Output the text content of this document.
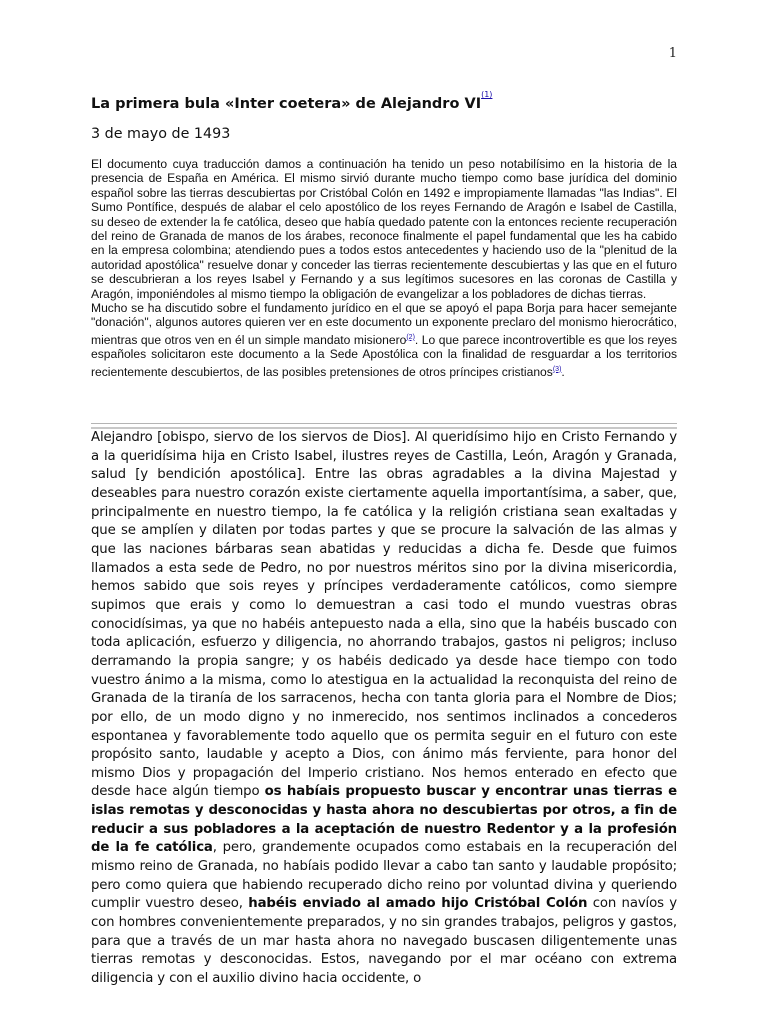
1
La primera bula «Inter coetera» de Alejandro VI$^{^{(1)}}$
3 de mayo de 1493

El documento cuya traducción damos a continuación ha tenido un peso notabilísimo en la historia de la presencia de España en América. El mismo sirvió durante mucho tiempo como base jurídica del dominio español sobre las tierras descubiertas por Cristóbal Colón en 1492 e impropiamente llamadas "las Indias". El Sumo Pontífice, después de alabar el celo apostólico de los reyes Fernando de Aragón e Isabel de Castilla, su deseo de extender la fe católica, deseo que había quedado patente con la entonces reciente recuperación del reino de Granada de manos de los árabes, reconoce finalmente el papel fundamental que les ha cabido en la empresa colombina; atendiendo pues a todos estos antecedentes y haciendo uso de la "plenitud de la autoridad apostólica" resuelve donar y conceder las tierras recientemente descubiertas y las que en el futuro se descubrieran a los reyes Isabel y Fernando y a sus legítimos sucesores en las coronas de Castilla y Aragón, imponiéndoles al mismo tiempo la obligación de evangelizar a los pobladores de dichas tierras.

Mucho se ha discutido sobre el fundamento jurídico en el que se apoyó el papa Borja para hacer semejante "donación", algunos autores quieren ver en este documento un exponente preclaro del monismo hierocrático, mientras que otros ven en él un simple mandato misionero$^{(2)}$. Lo que parece incontrovertible es que los reyes españoles solicitaron este documento a la Sede Apostólica con la finalidad de resguardar a los territorios recientemente descubiertos, de las posibles pretensiones de otros príncipes cristianos$^{(3)}$.

Alejandro [obispo, siervo de los siervos de Dios]. Al queridísimo hijo en Cristo Fernando y a la queridísima hija en Cristo Isabel, ilustres reyes de Castilla, León, Aragón y Granada, salud [y bendición apostólica]. Entre las obras agradables a la divina Majestad y deseables para nuestro corazón existe ciertamente aquella importantísima, a saber, que, principalmente en nuestro tiempo, la fe católica y la religión cristiana sean exaltadas y que se amplíen y dilaten por todas partes y que se procure la salvación de las almas y que las naciones bárbaras sean abatidas y reducidas a dicha fe. Desde que fuimos llamados a esta sede de Pedro, no por nuestros méritos sino por la divina misericordia, hemos sabido que sois reyes y príncipes verdaderamente católicos, como siempre supimos que erais y como lo demuestran a casi todo el mundo vuestras obras conocidísimas, ya que no habéis antepuesto nada a ella, sino que la habéis buscado con toda aplicación, esfuerzo y diligencia, no ahorrando trabajos, gastos ni peligros; incluso derramando la propia sangre; y os habéis dedicado ya desde hace tiempo con todo vuestro ánimo a la misma, como lo atestigua en la actualidad la reconquista del reino de Granada de la tiranía de los sarracenos, hecha con tanta gloria para el Nombre de Dios; por ello, de un modo digno y no inmerecido, nos sentimos inclinados a concederos espontanea y favorablemente todo aquello que os permita seguir en el futuro con este propósito santo, laudable y acepto a Dios, con ánimo más ferviente, para honor del mismo Dios y propagación del Imperio cristiano. Nos hemos enterado en efecto que desde hace algún tiempo os habíais propuesto buscar y encontrar unas tierras e islas remotas y desconocidas y hasta ahora no descubiertas por otros, a fin de reducir a sus pobladores a la aceptación de nuestro Redentor y a la profesión de la fe católica, pero, grandemente ocupados como estabais en la recuperación del mismo reino de Granada, no habíais podido llevar a cabo tan santo y laudable propósito; pero como quiera que habiendo recuperado dicho reino por voluntad divina y queriendo cumplir vuestro deseo, habéis enviado al amado hijo Cristóbal Colón con navíos y con hombres convenientemente preparados, y no sin grandes trabajos, peligros y gastos, para que a través de un mar hasta ahora no navegado buscasen diligentemente unas tierras remotas y desconocidas. Estos, navegando por el mar océano con extrema diligencia y con el auxilio divino hacia occidente, o
